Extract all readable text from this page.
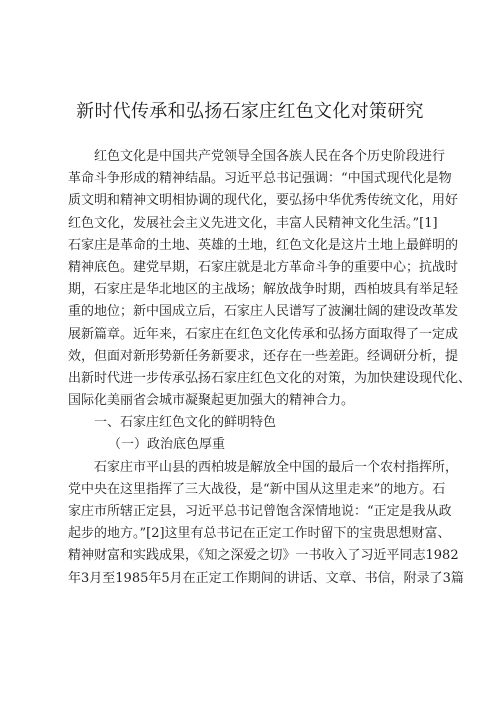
新时代传承和弘扬石家庄红色文化对策研究
红色文化是中国共产党领导全国各族人民在各个历史阶段进行
革命斗争形成的精神结晶。习近平总书记强调：“中国式现代化是物
质文明和精神文明相协调的现代化，要弘扬中华优秀传统文化，用好
红色文化，发展社会主义先进文化，丰富人民精神文化生活。”[1]
石家庄是革命的土地、英雄的土地，红色文化是这片土地上最鲜明的
精神底色。建党早期，石家庄就是北方革命斗争的重要中心；抗战时
期，石家庄是华北地区的主战场；解放战争时期，西柏坡具有举足轻
重的地位；新中国成立后，石家庄人民谱写了波澜壮阔的建设改革发
展新篇章。近年来，石家庄在红色文化传承和弘扬方面取得了一定成
效，但面对新形势新任务新要求，还存在一些差距。经调研分析，提
出新时代进一步传承弘扬石家庄红色文化的对策，为加快建设现代化、
国际化美丽省会城市凝聚起更加强大的精神合力。
一、石家庄红色文化的鲜明特色
（一）政治底色厚重
石家庄市平山县的西柏坡是解放全中国的最后一个农村指挥所，
党中央在这里指挥了三大战役，是“新中国从这里走来”的地方。石
家庄市所辖正定县，习近平总书记曾饱含深情地说：“正定是我从政
起步的地方。”[2]这里有总书记在正定工作时留下的宝贵思想财富、
精神财富和实践成果，《知之深爱之切》一书收入了习近平同志1982
年3月至1985年5月在正定工作期间的讲话、文章、书信，附录了3篇
